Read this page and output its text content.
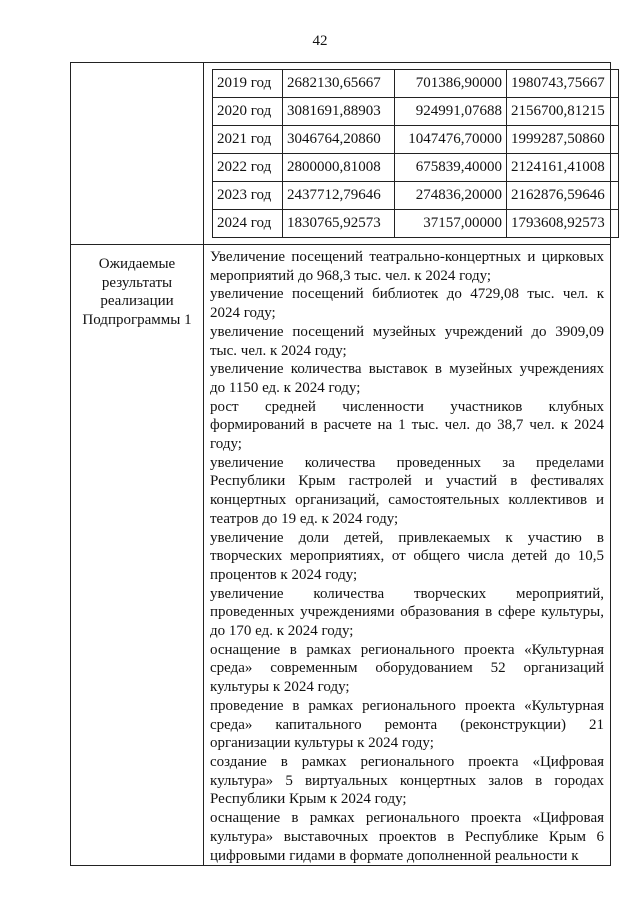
42

2019 год	2682130,65667	701386,90000	1980743,75667
2020 год	3081691,88903	924991,07688	2156700,81215
2021 год	3046764,20860	1047476,70000	1999287,50860
2022 год	2800000,81008	675839,40000	2124161,41008
2023 год	2437712,79646	274836,20000	2162876,59646
2024 год	1830765,92573	37157,00000	1793608,92573

Ожидаемые результаты реализации Подпрограммы 1	

Увеличение посещений театрально-концертных и цирковых мероприятий до 968,3 тыс. чел. к 2024 году;

увеличение посещений библиотек до 4729,08 тыс. чел. к 2024 году;

увеличение посещений музейных учреждений до 3909,09 тыс. чел. к 2024 году;

увеличение количества выставок в музейных учреждениях до 1150 ед. к 2024 году;

рост средней численности участников клубных формирований в расчете на 1 тыс. чел. до 38,7 чел. к 2024 году;

увеличение количества проведенных за пределами Республики Крым гастролей и участий в фестивалях концертных организаций, самостоятельных коллективов и театров до 19 ед. к 2024 году;

увеличение доли детей, привлекаемых к участию в творческих мероприятиях, от общего числа детей до 10,5 процентов к 2024 году;

увеличение количества творческих мероприятий, проведенных учреждениями образования в сфере культуры, до 170 ед. к 2024 году;

оснащение в рамках регионального проекта «Культурная среда» современным оборудованием 52 организаций культуры к 2024 году;

проведение в рамках регионального проекта «Культурная среда» капитального ремонта (реконструкции) 21 организации культуры к 2024 году;

создание в рамках регионального проекта «Цифровая культура» 5 виртуальных концертных залов в городах Республики Крым к 2024 году;

оснащение в рамках регионального проекта «Цифровая культура» выставочных проектов в Республике Крым 6 цифровыми гидами в формате дополненной реальности к
